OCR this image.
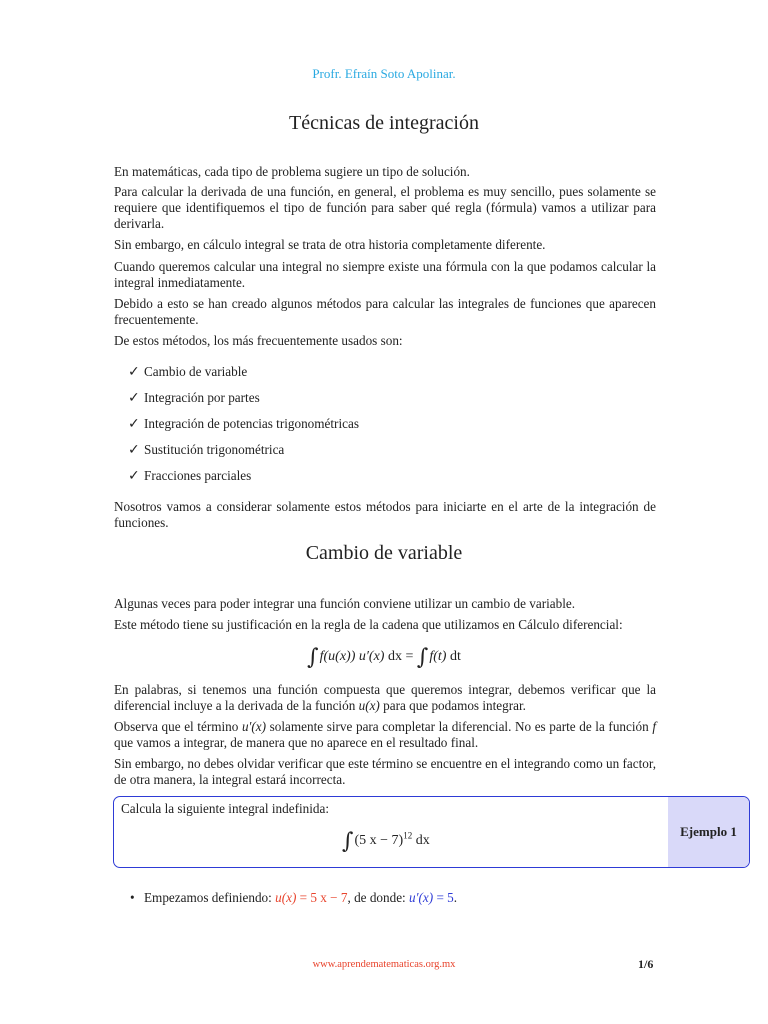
Profr. Efraín Soto Apolinar.
Técnicas de integración
En matemáticas, cada tipo de problema sugiere un tipo de solución.
Para calcular la derivada de una función, en general, el problema es muy sencillo, pues solamente se requiere que identifiquemos el tipo de función para saber qué regla (fórmula) vamos a utilizar para derivarla.
Sin embargo, en cálculo integral se trata de otra historia completamente diferente.
Cuando queremos calcular una integral no siempre existe una fórmula con la que podamos calcular la integral inmediatamente.
Debido a esto se han creado algunos métodos para calcular las integrales de funciones que aparecen frecuentemente.
De estos métodos, los más frecuentemente usados son:
✓ Cambio de variable
✓ Integración por partes
✓ Integración de potencias trigonométricas
✓ Sustitución trigonométrica
✓ Fracciones parciales
Nosotros vamos a considerar solamente estos métodos para iniciarte en el arte de la integración de funciones.
Cambio de variable
Algunas veces para poder integrar una función conviene utilizar un cambio de variable.
Este método tiene su justificación en la regla de la cadena que utilizamos en Cálculo diferencial:
∫f(u(x)) u′(x) dx = ∫f(t) dt
En palabras, si tenemos una función compuesta que queremos integrar, debemos verificar que la diferencial incluye a la derivada de la función u(x) para que podamos integrar.
Observa que el término u′(x) solamente sirve para completar la diferencial. No es parte de la función f que vamos a integrar, de manera que no aparece en el resultado final.
Sin embargo, no debes olvidar verificar que este término se encuentre en el integrando como un factor, de otra manera, la integral estará incorrecta.
Calcula la siguiente integral indefinida:
∫(5 x − 7)$^{12}$ dx
Ejemplo 1
• Empezamos definiendo: u(x) = 5 x − 7, de donde: u′(x) = 5.
www.aprendematematicas.org.mx	1/6
